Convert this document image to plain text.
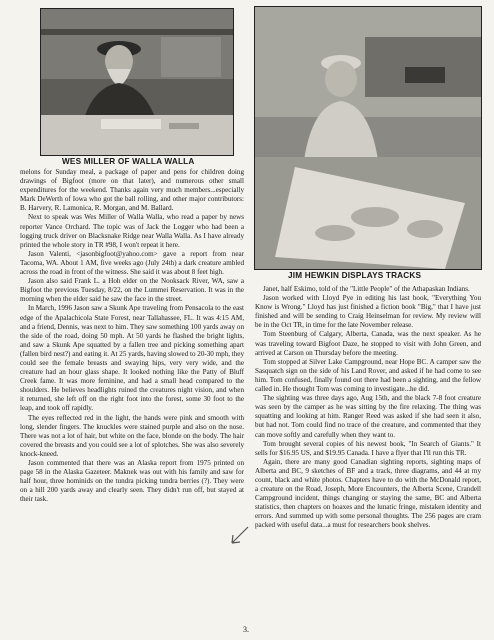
WES MILLER OF WALLA WALLA
JIM HEWKIN DISPLAYS TRACKS

melons for Sunday meal, a package of paper and pens for children doing drawings of Bigfoot (more on that later), and numerous other small expenditures for the weekend. Thanks again very much members...especially Mark DeWerth of Iowa who got the ball rolling, and other major contributors: B. Harvery, R. Lamonica, R. Morgan, and M. Ballard.

Next to speak was Wes Miller of Walla Walla, who read a paper by news reporter Vance Orchard. The topic was of Jack the Logger who had been a logging truck driver on Blacksnake Ridge near Walla Walla. As I have already printed the whole story in TR #98, I won't repeat it here.

Jason Valenti, <jasonbigfoot@yahoo.com> gave a report from near Tacoma, WA. About 1 AM, five weeks ago (July 24th) a dark creature ambled across the road in front of the witness. She said it was about 8 feet high.

Jason also said Frank L. a Hoh elder on the Nooksack River, WA, saw a Bigfoot the previous Tuesday, 8/22, on the Lummei Reservation. It was in the morning when the elder said he saw the face in the street.

In March, 1996 Jason saw a Skunk Ape traveling from Pensacola to the east edge of the Apalachicola State Forest, near Tallahassee, FL. It was 4:15 AM, and a friend, Dennis, was next to him. They saw something 100 yards away on the side of the road, doing 50 mph. At 50 yards he flashed the bright lights, and saw a Skunk Ape squatted by a fallen tree and picking something apart (fallen bird nest?) and eating it. At 25 yards, having slowed to 20-30 mph, they could see the female breasts and swaying hips, very very wide, and the creature had an hour glass shape. It looked nothing like the Patty of Bluff Creek fame. It was more feminine, and had a small head compared to the shoulders. He believes headlights ruined the creatures night vision, and when it returned, she left off on the right foot into the forest, some 30 foot to the leap, and took off rapidly.

The eyes reflected red in the light, the hands were pink and smooth with long, slender fingers. The knuckles were stained purple and also on the nose. There was not a lot of hair, but white on the face, blonde on the body. The hair covered the breasts and you could see a lot of splotches. She was also severely knock-kneed.

Jason commented that there was an Alaska report from 1975 printed on page 58 in the Alaska Gazeteer. Maknek was out with his family and saw for half hour, three hominids on the tundra picking tundra berries (?). They were on a hill 200 yards away and clearly seen. They didn't run off, but stayed at their task.

Janet, half Eskimo, told of the "Little People" of the Athapaskan Indians.

Jason worked with Lloyd Pye in editing his last book, "Everything You Know is Wrong." Lloyd has just finished a fiction book "Big," that I have just finished and will be sending to Craig Heinselman for review. My review will be in the Oct TR, in time for the late November release.

Tom Steenburg of Calgary, Alberta, Canada, was the next speaker. As he was traveling toward Bigfoot Daze, he stopped to visit with John Green, and arrived at Carson on Thursday before the meeting.

Tom stopped at Silver Lake Campground, near Hope BC. A camper saw the Sasquatch sign on the side of his Land Rover, and asked if he had come to see him. Tom confused, finally found out there had been a sighting, and the fellow called in. He thought Tom was coming to investigate...he did.

The sighting was three days ago, Aug 15th, and the black 7-8 foot creature was seen by the camper as he was sitting by the fire relaxing. The thing was squatting and looking at him. Ranger Reed was asked if she had seen it also, but had not. Tom could find no trace of the creature, and commented that they can move softly and carefully when they want to.

Tom brought several copies of his newest book, "In Search of Giants." It sells for $16.95 US, and $19.95 Canada. I have a flyer that I'll run this TR.

Again, there are many good Canadian sighting reports, sighting maps of Alberta and BC, 9 sketches of BF and a track, three diagrams, and 44 at my count, black and white photos. Chapters have to do with the McDonald report, a creature on the Road, Joseph, More Encounters, the Alberta Scene, Crandell Campground incident, things changing or staying the same, BC and Alberta statistics, then chapters on hoaxes and the lunatic fringe, mistaken identity and errors. And summed up with some personal thoughts. The 256 pages are cram packed with useful data...a must for researchers book shelves.

3.
